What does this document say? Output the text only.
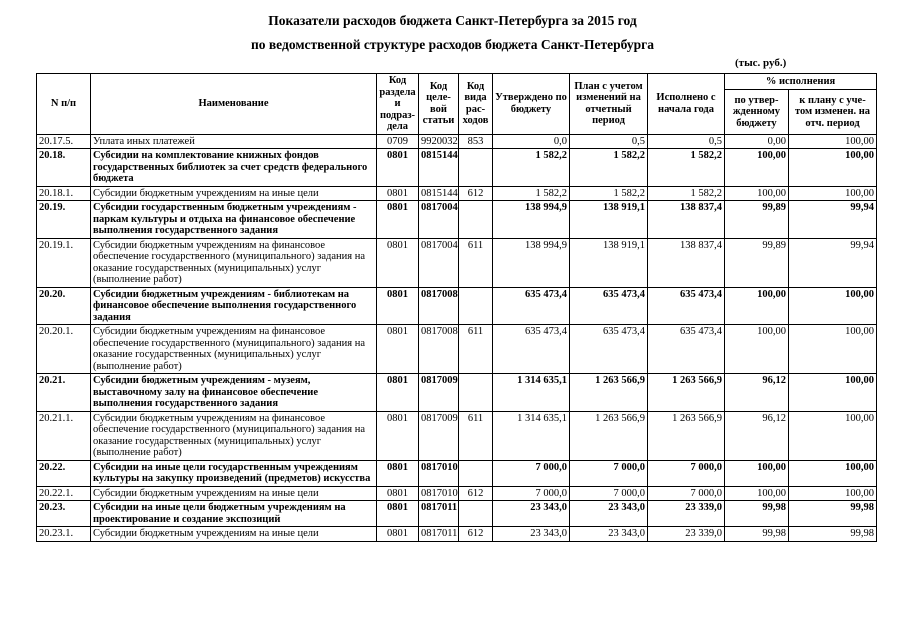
Показатели расходов бюджета Санкт-Петербурга за 2015 год
по ведомственной структуре расходов бюджета Санкт-Петербурга
(тыс. руб.)
N п/п	Наименование	Код раздела и подраз-дела	Код целе-вой статьи	Код вида рас-ходов	Утверждено по бюджету	План с учетом изменений на отчетный период	Исполнено с начала года	% исполнения	
								по утвер-жденному бюджету	к плану с уче-том изменен. на отч. период
20.17.5.	Уплата иных платежей	0709	9920032	853	0,0	0,5	0,5	0,00	100,00
20.18.	Субсидии на комплектование книжных фондов государственных библиотек за счет средств федерального бюджета	0801	0815144		1 582,2	1 582,2	1 582,2	100,00	100,00
20.18.1.	Субсидии бюджетным учреждениям на иные цели	0801	0815144	612	1 582,2	1 582,2	1 582,2	100,00	100,00
20.19.	Субсидии государственным бюджетным учреждениям - паркам культуры и отдыха на финансовое обеспечение выполнения государственного задания	0801	0817004		138 994,9	138 919,1	138 837,4	99,89	99,94
20.19.1.	Субсидии бюджетным учреждениям на финансовое обеспечение государственного (муниципального) задания на оказание государственных (муниципальных) услуг (выполнение работ)	0801	0817004	611	138 994,9	138 919,1	138 837,4	99,89	99,94
20.20.	Субсидии бюджетным учреждениям - библиотекам на финансовое обеспечение выполнения государственного задания	0801	0817008		635 473,4	635 473,4	635 473,4	100,00	100,00
20.20.1.	Субсидии бюджетным учреждениям на финансовое обеспечение государственного (муниципального) задания на оказание государственных (муниципальных) услуг (выполнение работ)	0801	0817008	611	635 473,4	635 473,4	635 473,4	100,00	100,00
20.21.	Субсидии бюджетным учреждениям - музеям, выставочному залу на финансовое обеспечение выполнения государственного задания	0801	0817009		1 314 635,1	1 263 566,9	1 263 566,9	96,12	100,00
20.21.1.	Субсидии бюджетным учреждениям на финансовое обеспечение государственного (муниципального) задания на оказание государственных (муниципальных) услуг (выполнение работ)	0801	0817009	611	1 314 635,1	1 263 566,9	1 263 566,9	96,12	100,00
20.22.	Субсидии на иные цели государственным учреждениям культуры на закупку произведений (предметов) искусства	0801	0817010		7 000,0	7 000,0	7 000,0	100,00	100,00
20.22.1.	Субсидии бюджетным учреждениям на иные цели	0801	0817010	612	7 000,0	7 000,0	7 000,0	100,00	100,00
20.23.	Субсидии на иные цели бюджетным учреждениям на проектирование и создание экспозиций	0801	0817011		23 343,0	23 343,0	23 339,0	99,98	99,98
20.23.1.	Субсидии бюджетным учреждениям на иные цели	0801	0817011	612	23 343,0	23 343,0	23 339,0	99,98	99,98
